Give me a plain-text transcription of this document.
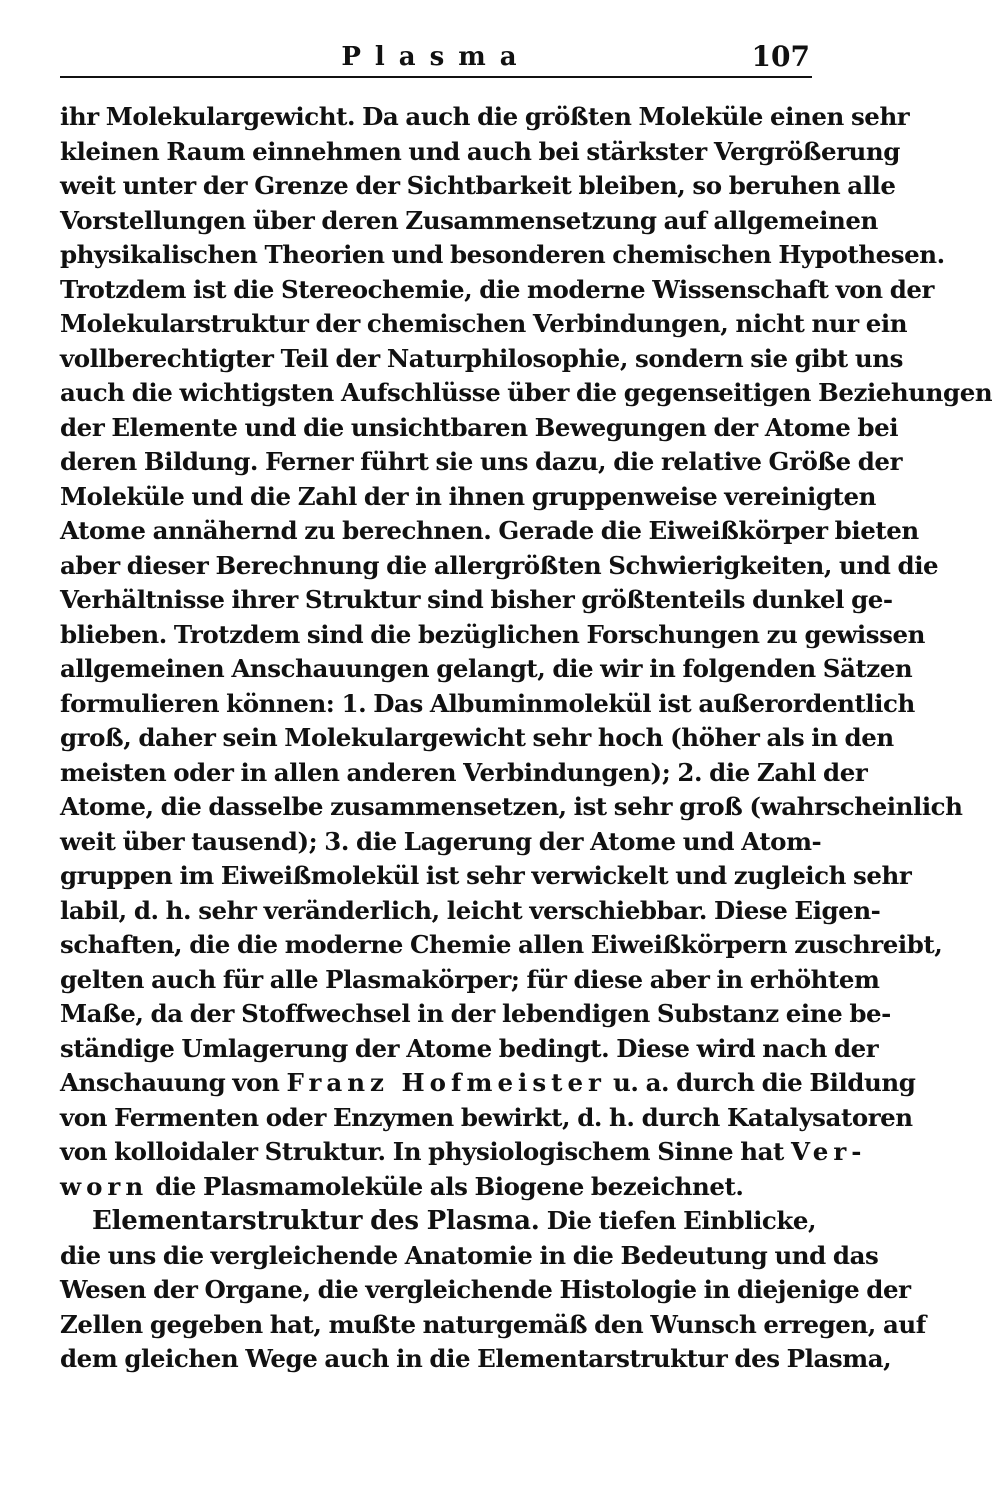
Plasma	107
ihr Molekulargewicht. Da auch die größten Moleküle einen sehr
kleinen Raum einnehmen und auch bei stärkster Vergrößerung
weit unter der Grenze der Sichtbarkeit bleiben, so beruhen alle
Vorstellungen über deren Zusammensetzung auf allgemeinen
physikalischen Theorien und besonderen chemischen Hypothesen.
Trotzdem ist die Stereochemie, die moderne Wissenschaft von der
Molekularstruktur der chemischen Verbindungen, nicht nur ein
vollberechtigter Teil der Naturphilosophie, sondern sie gibt uns
auch die wichtigsten Aufschlüsse über die gegenseitigen Beziehungen
der Elemente und die unsichtbaren Bewegungen der Atome bei
deren Bildung. Ferner führt sie uns dazu, die relative Größe der
Moleküle und die Zahl der in ihnen gruppenweise vereinigten
Atome annähernd zu berechnen. Gerade die Eiweißkörper bieten
aber dieser Berechnung die allergrößten Schwierigkeiten, und die
Verhältnisse ihrer Struktur sind bisher größtenteils dunkel ge-
blieben. Trotzdem sind die bezüglichen Forschungen zu gewissen
allgemeinen Anschauungen gelangt, die wir in folgenden Sätzen
formulieren können: 1. Das Albuminmolekül ist außerordentlich
groß, daher sein Molekulargewicht sehr hoch (höher als in den
meisten oder in allen anderen Verbindungen); 2. die Zahl der
Atome, die dasselbe zusammensetzen, ist sehr groß (wahrscheinlich
weit über tausend); 3. die Lagerung der Atome und Atom-
gruppen im Eiweißmolekül ist sehr verwickelt und zugleich sehr
labil, d. h. sehr veränderlich, leicht verschiebbar. Diese Eigen-
schaften, die die moderne Chemie allen Eiweißkörpern zuschreibt,
gelten auch für alle Plasmakörper; für diese aber in erhöhtem
Maße, da der Stoffwechsel in der lebendigen Substanz eine be-
ständige Umlagerung der Atome bedingt. Diese wird nach der
Anschauung von Franz Hofmeister u. a. durch die Bildung
von Fermenten oder Enzymen bewirkt, d. h. durch Katalysatoren
von kolloidaler Struktur. In physiologischem Sinne hat Ver-
worn die Plasmamoleküle als Biogene bezeichnet.
Elementarstruktur des Plasma. Die tiefen Einblicke,
die uns die vergleichende Anatomie in die Bedeutung und das
Wesen der Organe, die vergleichende Histologie in diejenige der
Zellen gegeben hat, mußte naturgemäß den Wunsch erregen, auf
dem gleichen Wege auch in die Elementarstruktur des Plasma,
